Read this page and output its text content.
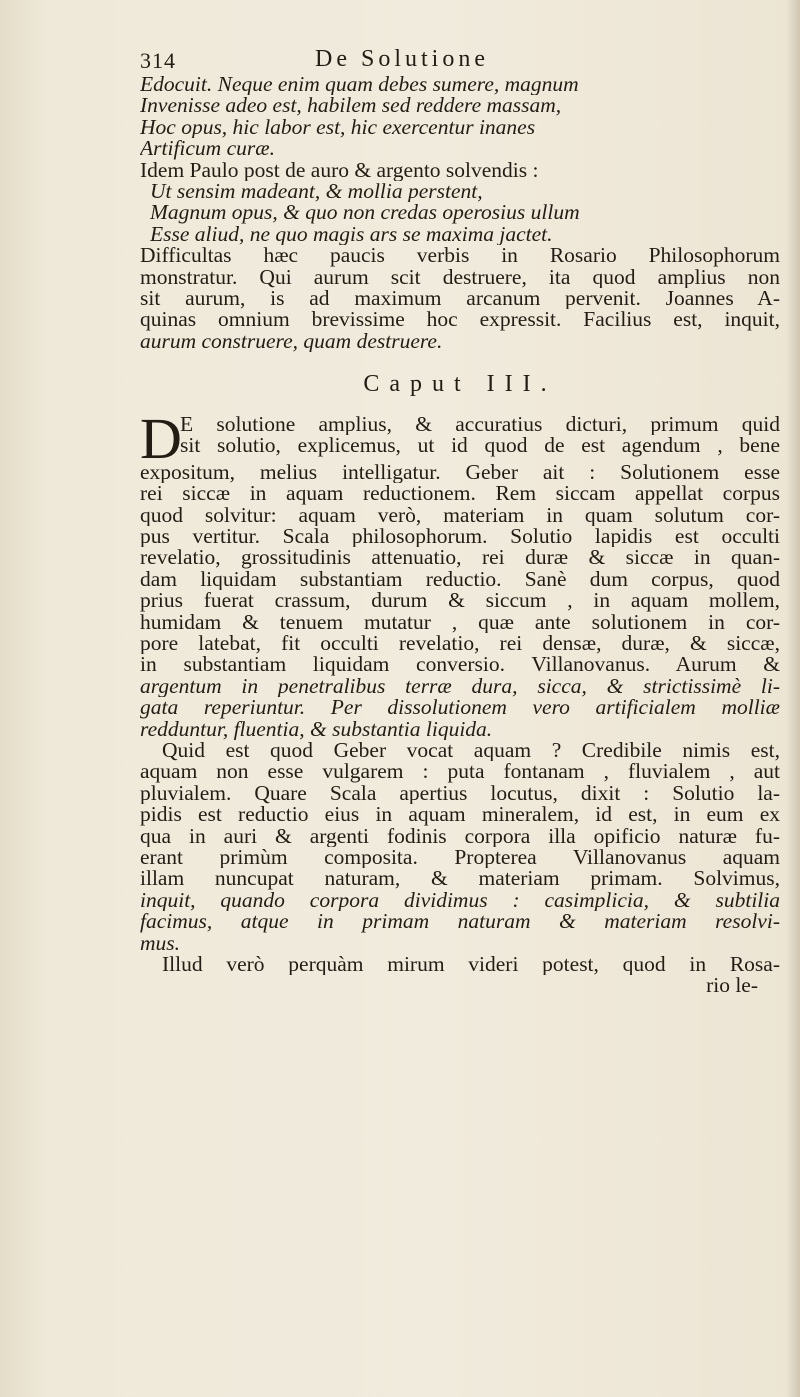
314	De Solutione
Edocuit. Neque enim quam debes sumere, magnum
Invenisse adeo est, habilem sed reddere massam,
Hoc opus, hic labor est, hic exercentur inanes
Artificum curæ.
Idem Paulo post de auro & argento solvendis :
Ut sensim madeant, & mollia perstent,
Magnum opus, & quo non credas operosius ullum
Esse aliud, ne quo magis ars se maxima jactet.
Difficultas hæc paucis verbis in Rosario Philosophorum
monstratur. Qui aurum scit destruere, ita quod amplius non
sit aurum, is ad maximum arcanum pervenit. Joannes A-
quinas omnium brevissime hoc expressit. Facilius est, inquit,
aurum construere, quam destruere.
Caput III.
D
E solutione amplius, & accuratius dicturi, primum quid
sit solutio, explicemus, ut id quod de est agendum , bene
expositum, melius intelligatur. Geber ait : Solutionem esse
rei siccæ in aquam reductionem. Rem siccam appellat corpus
quod solvitur: aquam verò, materiam in quam solutum cor-
pus vertitur. Scala philosophorum. Solutio lapidis est occulti
revelatio, grossitudinis attenuatio, rei duræ & siccæ in quan-
dam liquidam substantiam reductio. Sanè dum corpus, quod
prius fuerat crassum, durum & siccum , in aquam mollem,
humidam & tenuem mutatur , quæ ante solutionem in cor-
pore latebat, fit occulti revelatio, rei densæ, duræ, & siccæ,
in substantiam liquidam conversio. Villanovanus. Aurum &
argentum in penetralibus terræ dura, sicca, & strictissimè li-
gata reperiuntur. Per dissolutionem vero artificialem molliæ
redduntur, fluentia, & substantia liquida.
Quid est quod Geber vocat aquam ? Credibile nimis est,
aquam non esse vulgarem : puta fontanam , fluvialem , aut
pluvialem. Quare Scala apertius locutus, dixit : Solutio la-
pidis est reductio eius in aquam mineralem, id est, in eum ex
qua in auri & argenti fodinis corpora illa opificio naturæ fu-
erant primùm composita. Propterea Villanovanus aquam
illam nuncupat naturam, & materiam primam. Solvimus,
inquit, quando corpora dividimus : casimplicia, & subtilia
facimus, atque in primam naturam & materiam resolvi-
mus.
Illud verò perquàm mirum videri potest, quod in Rosa-
rio le-
